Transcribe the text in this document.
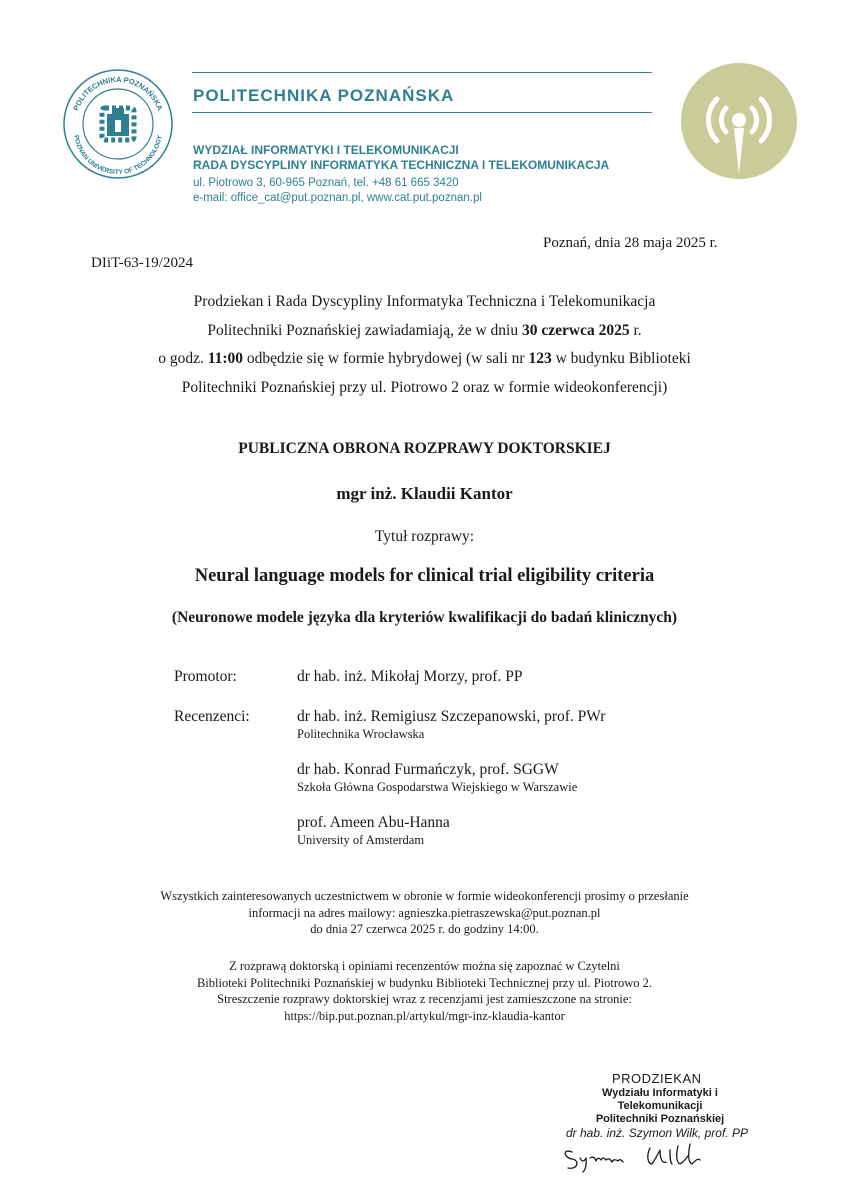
POLITECHNIKA POZNAŃSKA
POZNAN UNIVERSITY OF TECHNOLOGY
POLITECHNIKA POZNAŃSKA
WYDZIAŁ INFORMATYKI I TELEKOMUNIKACJI
RADA DYSCYPLINY INFORMATYKA TECHNICZNA I TELEKOMUNIKACJA
ul. Piotrowo 3, 60-965 Poznań, tel. +48 61 665 3420
e-mail: office_cat@put.poznan.pl, www.cat.put.poznan.pl
Poznań, dnia 28 maja 2025 r.
DIiT-63-19/2024
Prodziekan i Rada Dyscypliny Informatyka Techniczna i Telekomunikacja
Politechniki Poznańskiej zawiadamiają, że w dniu 30 czerwca 2025 r.
o godz. 11:00 odbędzie się w formie hybrydowej (w sali nr 123 w budynku Biblioteki
Politechniki Poznańskiej przy ul. Piotrowo 2 oraz w formie wideokonferencji)
PUBLICZNA OBRONA ROZPRAWY DOKTORSKIEJ
mgr inż. Klaudii Kantor
Tytuł rozprawy:
Neural language models for clinical trial eligibility criteria
(Neuronowe modele języka dla kryteriów kwalifikacji do badań klinicznych)
Promotor:	dr hab. inż. Mikołaj Morzy, prof. PP
Recenzenci:	dr hab. inż. Remigiusz Szczepanowski, prof. PWr
Politechnika Wrocławska
dr hab. Konrad Furmańczyk, prof. SGGW
Szkoła Główna Gospodarstwa Wiejskiego w Warszawie
prof. Ameen Abu-Hanna
University of Amsterdam
Wszystkich zainteresowanych uczestnictwem w obronie w formie wideokonferencji prosimy o przesłanie
informacji na adres mailowy: agnieszka.pietraszewska@put.poznan.pl
do dnia 27 czerwca 2025 r. do godziny 14:00.
Z rozprawą doktorską i opiniami recenzentów można się zapoznać w Czytelni
Biblioteki Politechniki Poznańskiej w budynku Biblioteki Technicznej przy ul. Piotrowo 2.
Streszczenie rozprawy doktorskiej wraz z recenzjami jest zamieszczone na stronie:
https://bip.put.poznan.pl/artykul/mgr-inz-klaudia-kantor
PRODZIEKAN
Wydziału Informatyki i Telekomunikacji
Politechniki Poznańskiej
dr hab. inż. Szymon Wilk, prof. PP
